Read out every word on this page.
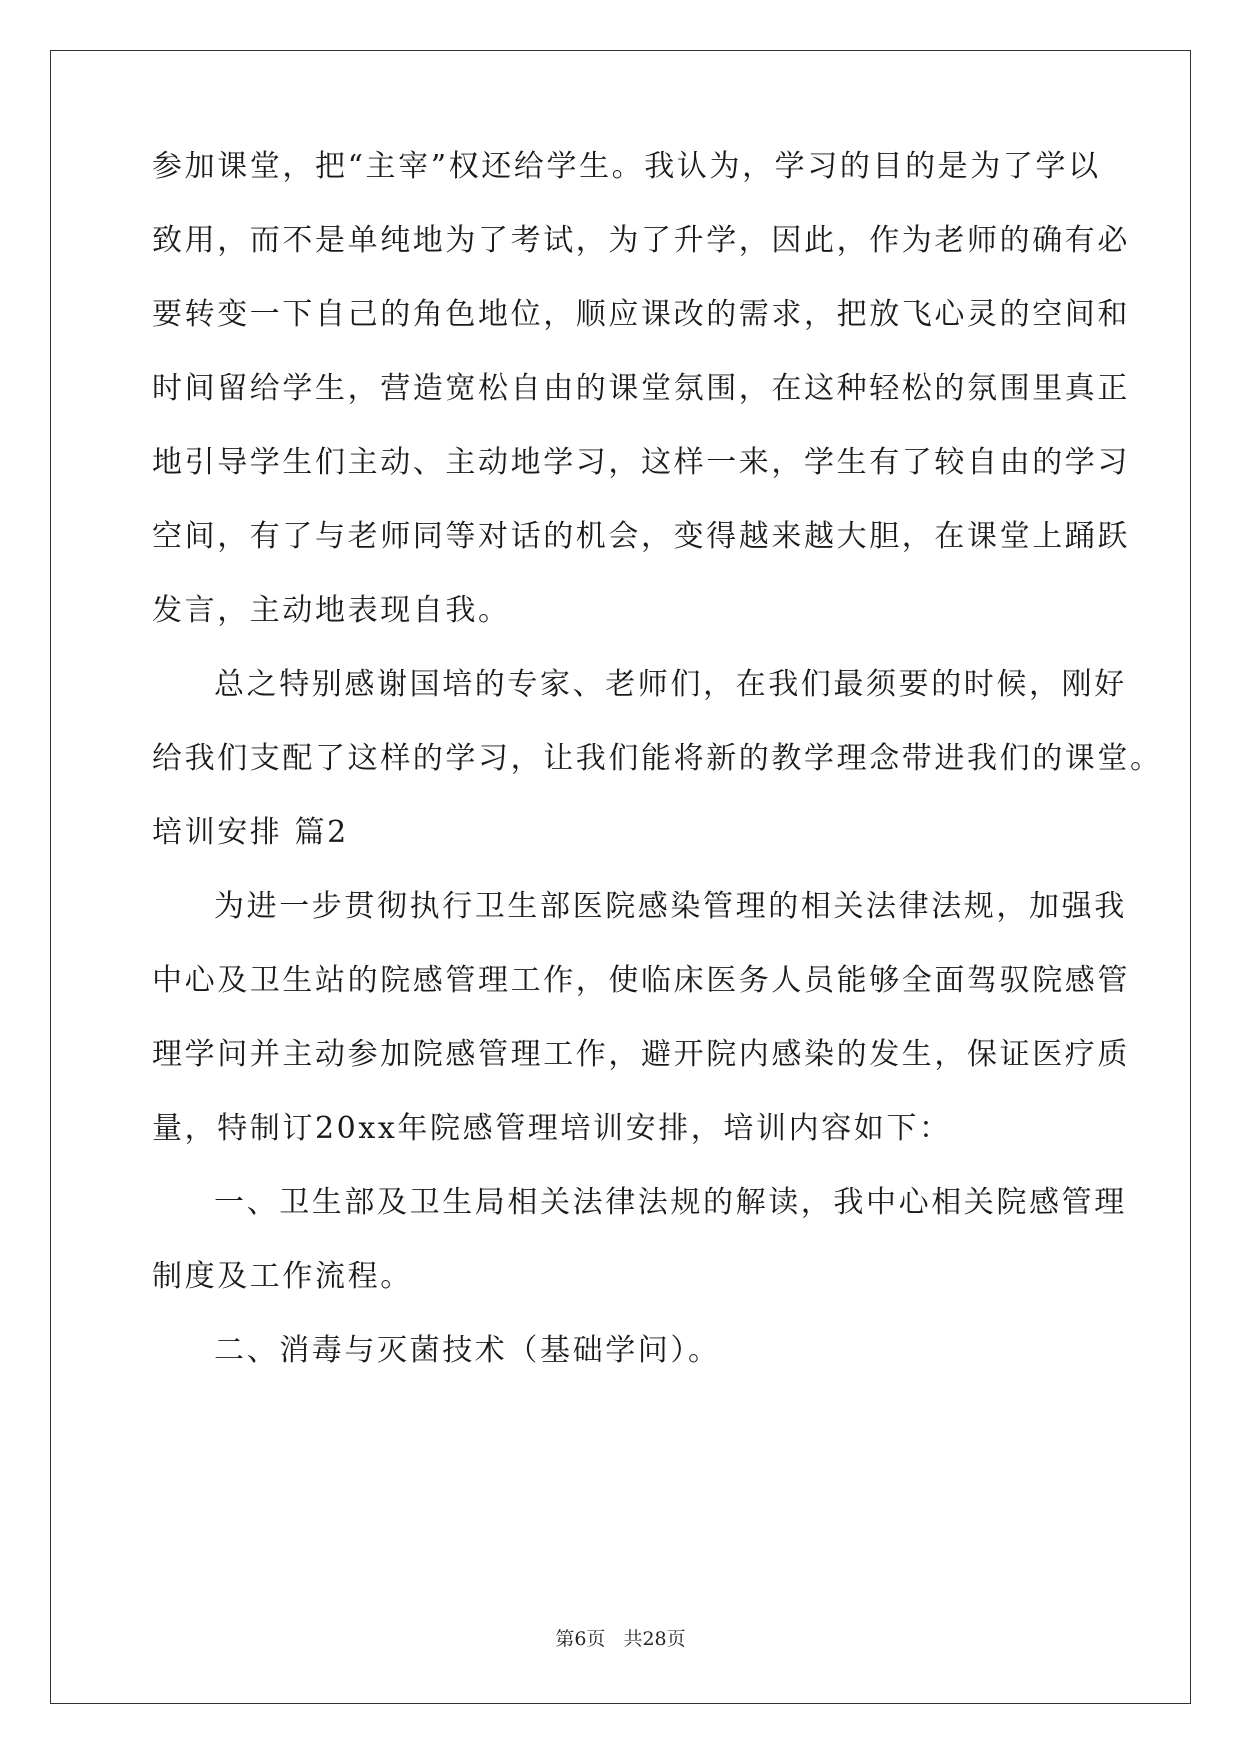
参加课堂，把“主宰”权还给学生。我认为，学习的目的是为了学以
致用，而不是单纯地为了考试，为了升学，因此，作为老师的确有必
要转变一下自己的角色地位，顺应课改的需求，把放飞心灵的空间和
时间留给学生，营造宽松自由的课堂氛围，在这种轻松的氛围里真正
地引导学生们主动、主动地学习，这样一来，学生有了较自由的学习
空间，有了与老师同等对话的机会，变得越来越大胆，在课堂上踊跃
发言，主动地表现自我。
总之特别感谢国培的专家、老师们，在我们最须要的时候，刚好
给我们支配了这样的学习，让我们能将新的教学理念带进我们的课堂。
培训安排 篇2
为进一步贯彻执行卫生部医院感染管理的相关法律法规，加强我
中心及卫生站的院感管理工作，使临床医务人员能够全面驾驭院感管
理学问并主动参加院感管理工作，避开院内感染的发生，保证医疗质
量，特制订20xx年院感管理培训安排，培训内容如下：
一、卫生部及卫生局相关法律法规的解读，我中心相关院感管理
制度及工作流程。
二、消毒与灭菌技术（基础学问）。
第6页 共28页
